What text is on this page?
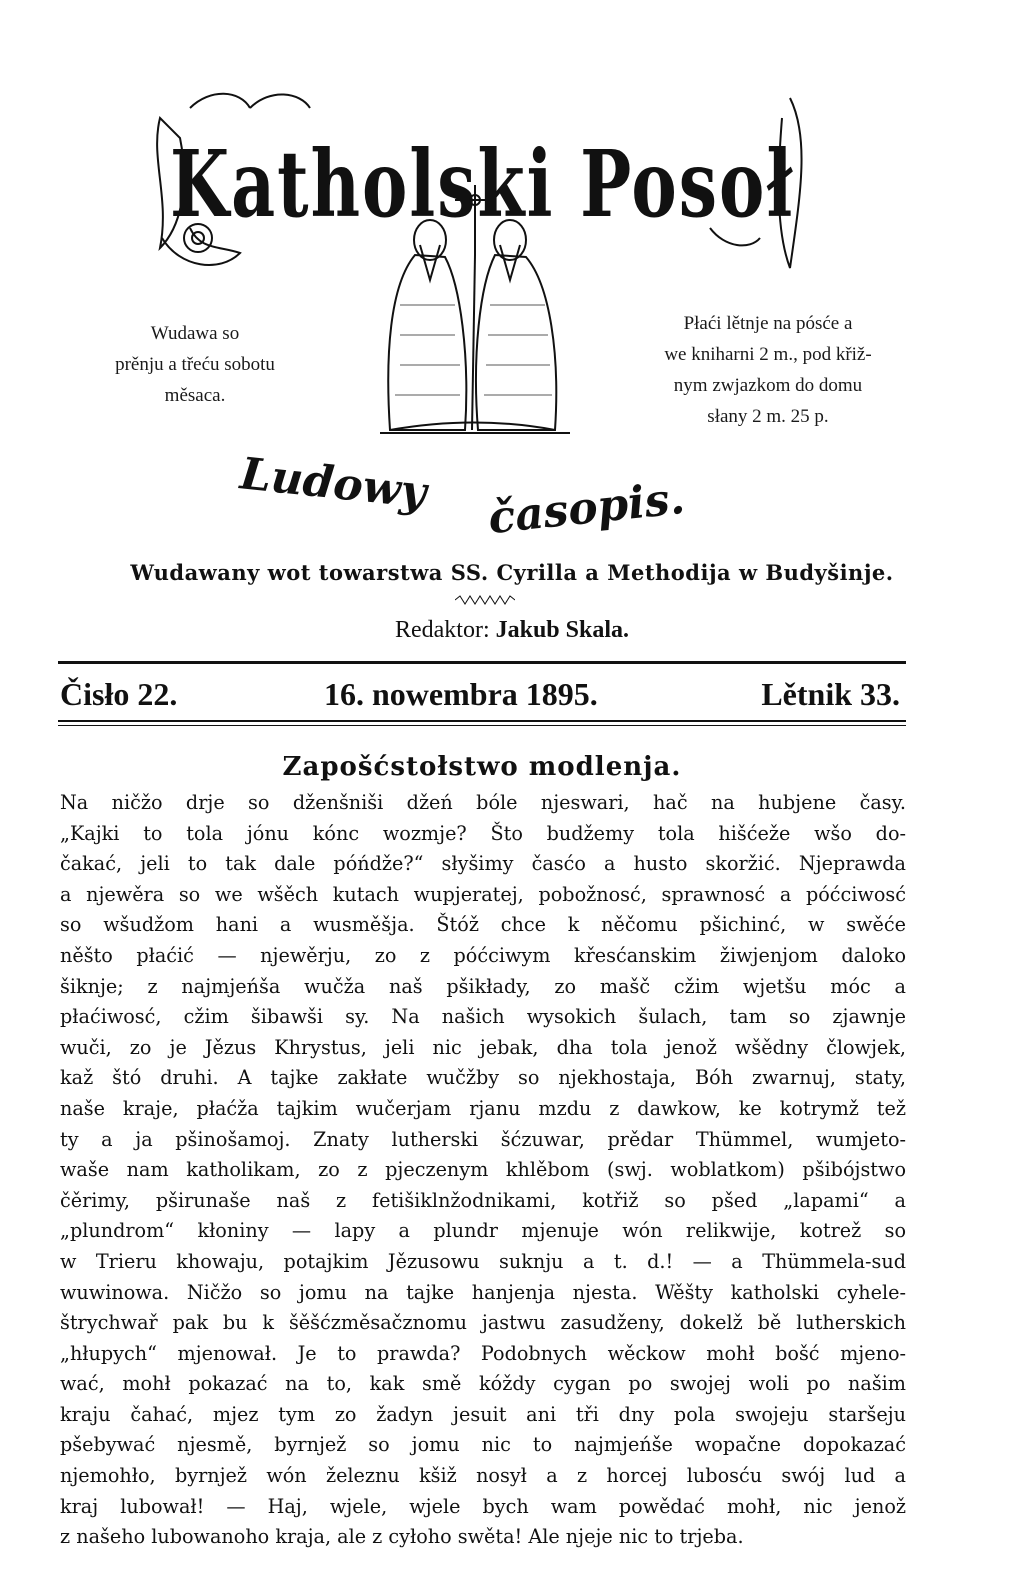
Katholski Posoł
Wudawa so
prěnju a třeću sobotu
měsaca.
Płaći lětnje na pósće a
we kniharni 2 m., pod křiž-
nym zwjazkom do domu
słany 2 m. 25 p.
Ludowy časopis.
Wudawany wot towarstwa SS. Cyrilla a Methodija w Budyšinje.
Redaktor: Jakub Skala.
Čisło 22.	16. nowembra 1895.	Lětnik 33.
Zapošćstołstwo modlenja.
Na ničžo drje so dženšniši džeń bóle njeswari, hač na hubjene časy.
„Kajki to tola jónu kónc wozmje? Što budžemy tola hišćeže wšo do-
čakać, jeli to tak dale póńdže?“ słyšimy časćo a husto skoržić. Njeprawda
a njewěra so we wšěch kutach wupjeratej, pobožnosć, sprawnosć a póćciwosć
so wšudžom hani a wusměšja. Štóž chce k něčomu pšichinć, w swěće
něšto płaćić — njewěrju, zo z póćciwym křesćanskim žiwjenjom daloko
šiknje; z najmjeńša wučža naš pšikłady, zo mašč cžim wjetšu móc a
płaćiwosć, cžim šibawši sy. Na našich wysokich šulach, tam so zjawnje
wuči, zo je Jězus Khrystus, jeli nic jebak, dha tola jenož wšědny člowjek,
kaž štó druhi. A tajke zakłate wučžby so njekhostaja, Bóh zwarnuj, staty,
naše kraje, płaćža tajkim wučerjam rjanu mzdu z dawkow, ke kotrymž tež
ty a ja pšinošamoj. Znaty lutherski šćzuwar, prědar Thümmel, wumjeto-
waše nam katholikam, zo z pjeczenym khlěbom (swj. woblatkom) pšibójstwo
čěrimy, pširunaše naš z fetišiklnžodnikami, kotřiž so pšed „lapami“ a
„plundrom“ kłoniny — lapy a plundr mjenuje wón relikwije, kotrež so
w Trieru khowaju, potajkim Jězusowu suknju a t. d.! — a Thümmela-sud
wuwinowa. Ničžo so jomu na tajke hanjenja njesta. Wěšty katholski cyhele-
štrychwař pak bu k šěšćzměsačznomu jastwu zasudženy, dokelž bě lutherskich
„hłupych“ mjenował. Je to prawda? Podobnych wěckow mohł bošć mjeno-
wać, mohł pokazać na to, kak smě kóždy cygan po swojej woli po našim
kraju čahać, mjez tym zo žadyn jesuit ani tři dny pola swojeju staršeju
pšebywać njesmě, byrnjež so jomu nic to najmjeńše wopačne dopokazać
njemohło, byrnjež wón železnu kšiž nosył a z horcej lubosću swój lud a
kraj lubował! — Haj, wjele, wjele bych wam powědać mohł, nic jenož
z našeho lubowanoho kraja, ale z cyłoho swěta! Ale njeje nic to trjeba.
